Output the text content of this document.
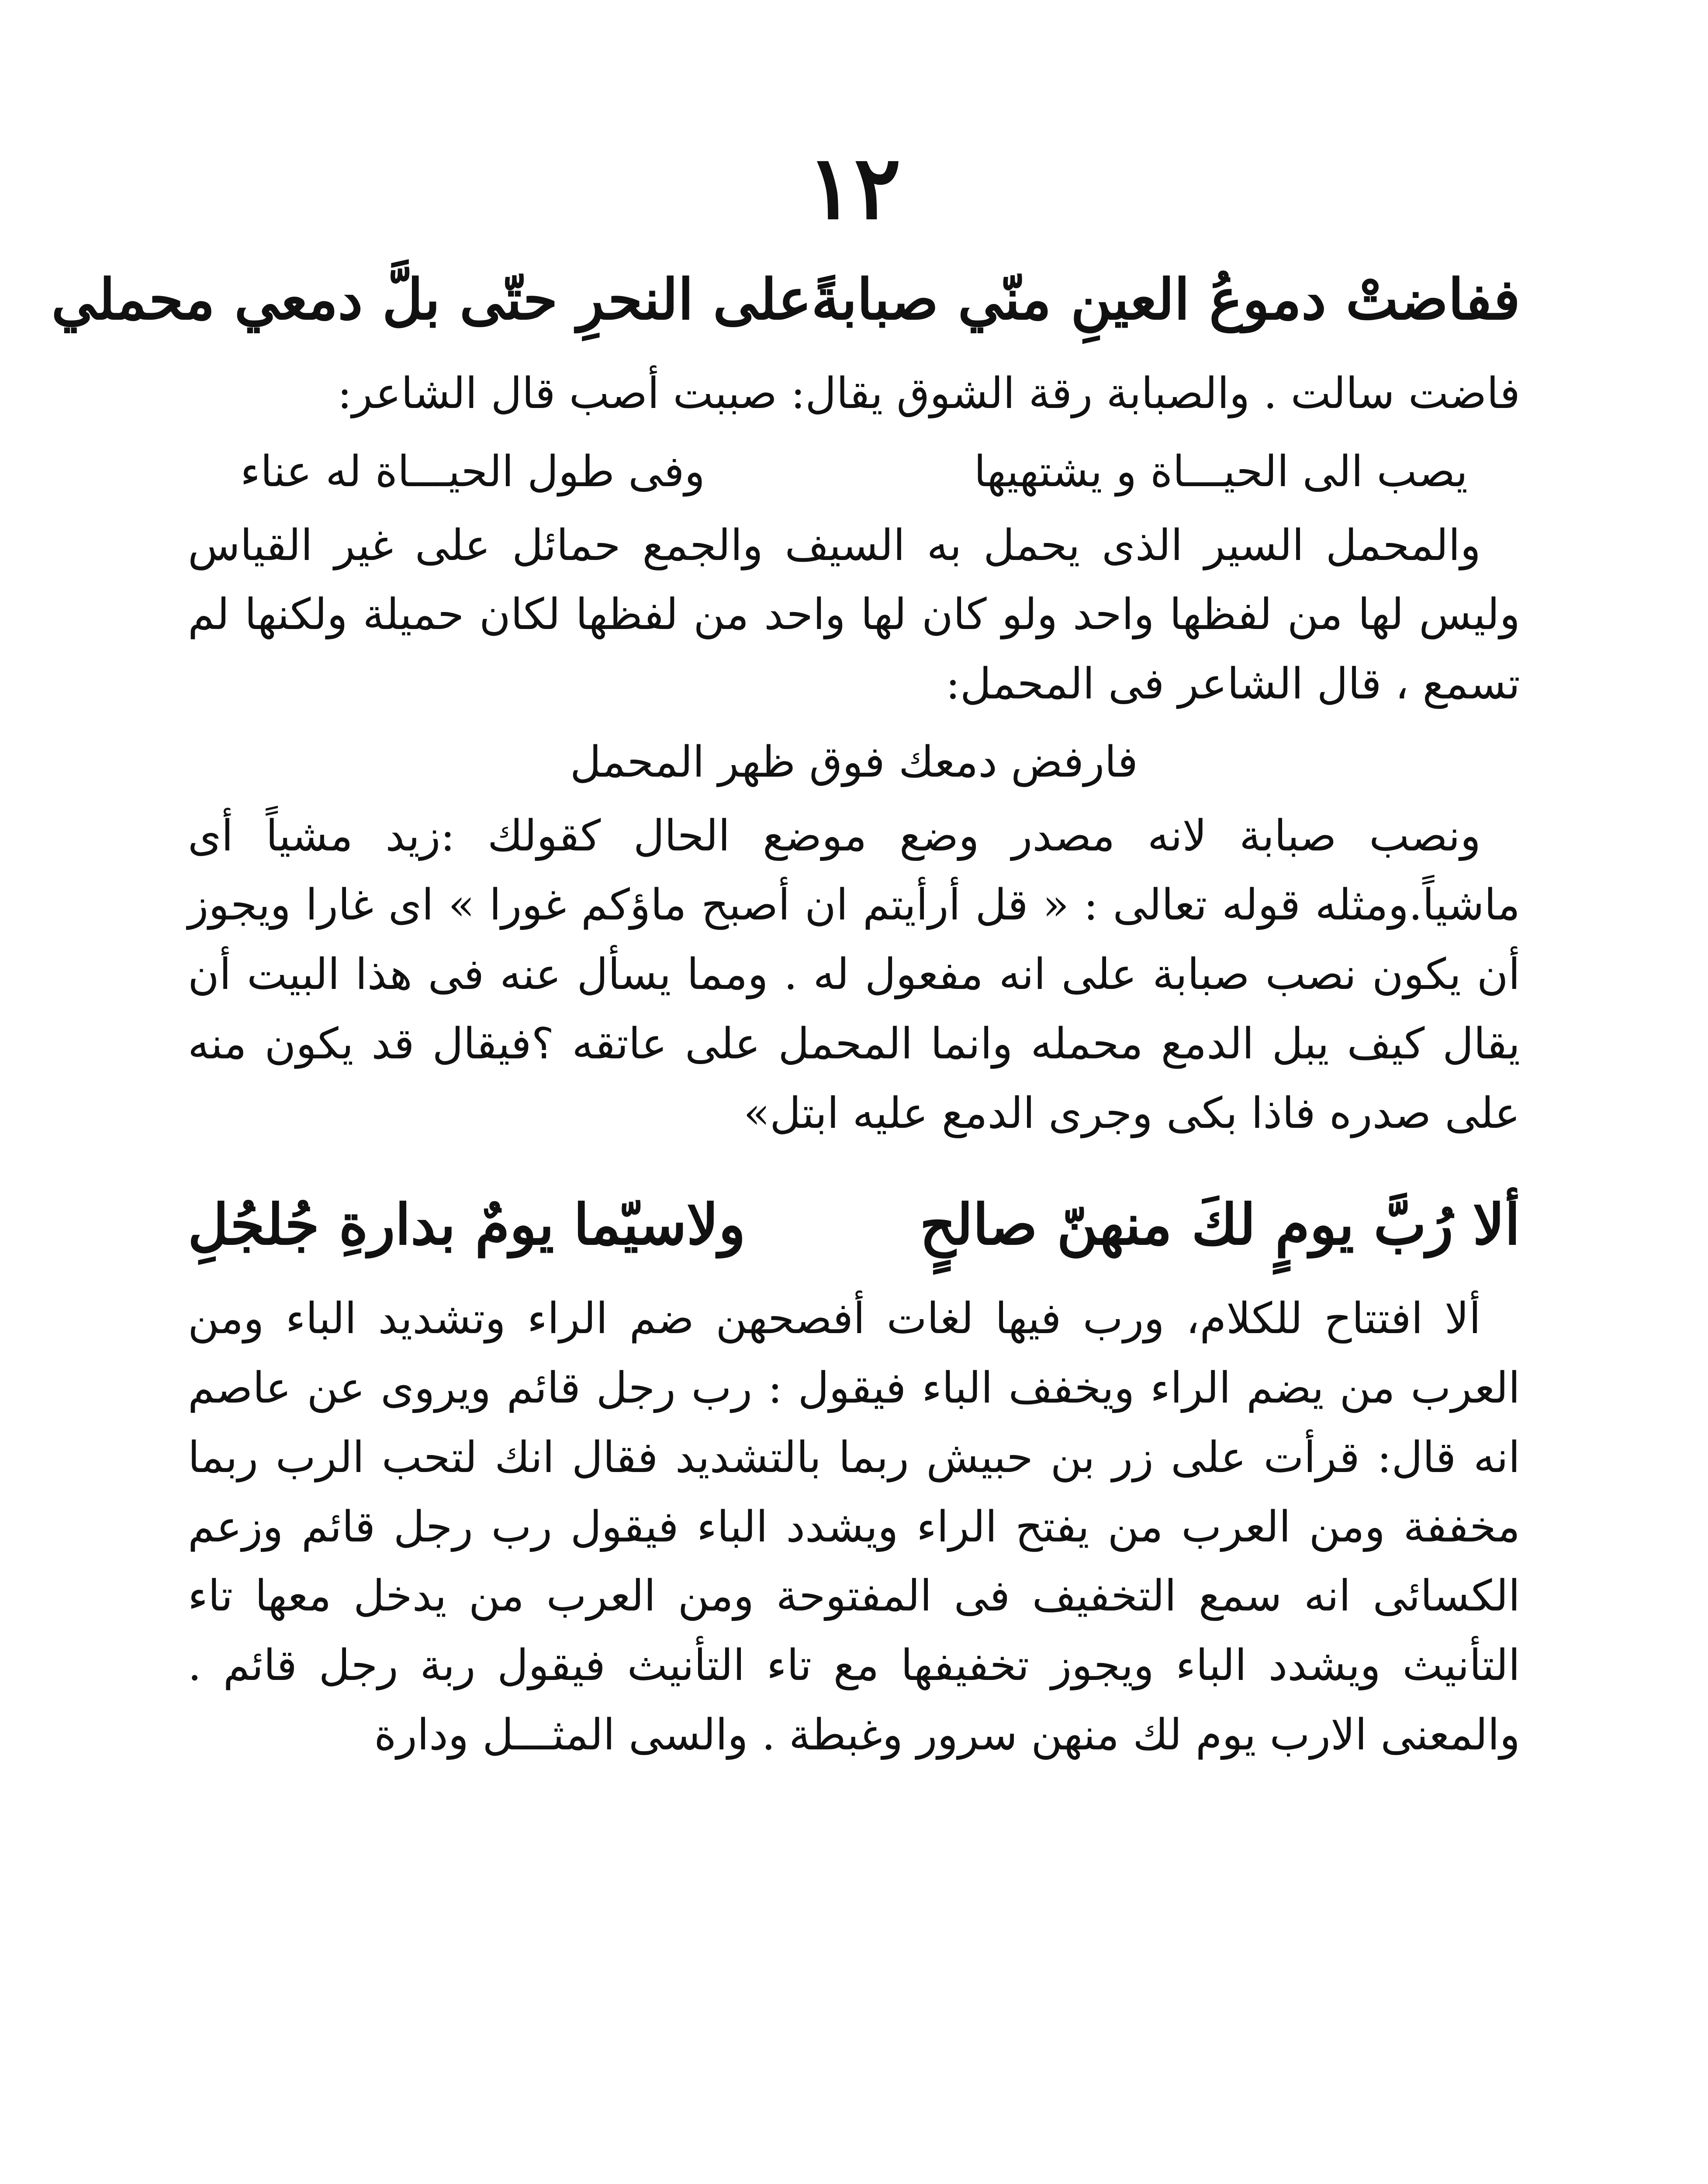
١٢
ففاضتْ دموعُ العينِ منّي صبابةً
على النحرِ حتّى بلَّ دمعي محملي

فاضت سالت . والصبابة رقة الشوق يقال: صببت أصب قال الشاعر:

يصب الى الحيـــاة و يشتهيها
وفى طول الحيـــاة له عناء

والمحمل السير الذى يحمل به السيف والجمع حمائل على غير القياس وليس لها من لفظها واحد ولو كان لها واحد من لفظها لكان حميلة ولكنها لم تسمع ، قال الشاعر فى المحمل:

فارفض دمعك فوق ظهر المحمل

ونصب صبابة لانه مصدر وضع موضع الحال كقولك :زيد مشياً أى ماشياً.ومثله قوله تعالى : « قل أرأيتم ان أصبح ماؤكم غورا » اى غارا ويجوز أن يكون نصب صبابة على انه مفعول له . ومما يسأل عنه فى هذا البيت أن يقال كيف يبل الدمع محمله وانما المحمل على عاتقه ؟فيقال قد يكون منه على صدره فاذا بكى وجرى الدمع عليه ابتل»

ألا رُبَّ يومٍ لكَ منهنّ صالحٍ
ولاسيّما يومٌ بدارةِ جُلجُلِ

ألا افتتاح للكلام، ورب فيها لغات أفصحهن ضم الراء وتشديد الباء ومن العرب من يضم الراء ويخفف الباء فيقول : رب رجل قائم ويروى عن عاصم انه قال: قرأت على زر بن حبيش ربما بالتشديد فقال انك لتحب الرب ربما مخففة ومن العرب من يفتح الراء ويشدد الباء فيقول رب رجل قائم وزعم الكسائى انه سمع التخفيف فى المفتوحة ومن العرب من يدخل معها تاء التأنيث ويشدد الباء ويجوز تخفيفها مع تاء التأنيث فيقول ربة رجل قائم . والمعنى الارب يوم لك منهن سرور وغبطة . والسى المثـــل ودارة
